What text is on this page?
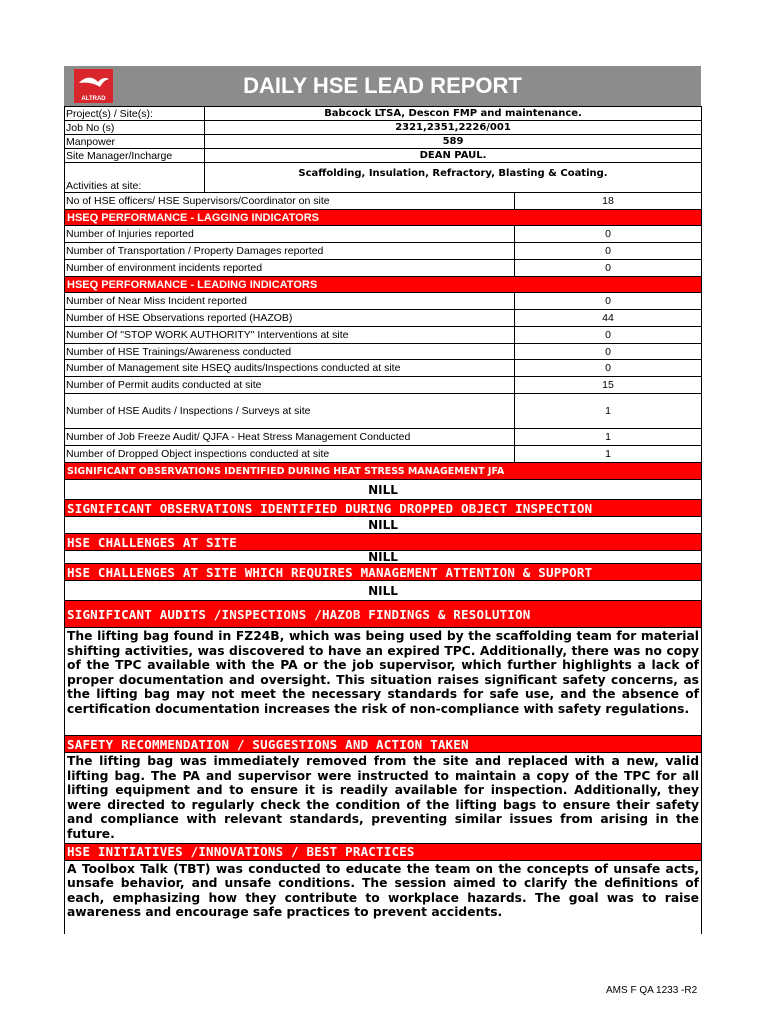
ALTRAD
DAILY HSE LEAD REPORT
Project(s) / Site(s):	Babcock LTSA, Descon FMP and maintenance.	
Job No (s)	2321,2351,2226/001	
Manpower	589	
Site Manager/Incharge	DEAN PAUL.	
Activities at site:	Scaffolding, Insulation, Refractory, Blasting & Coating.	
No of HSE officers/ HSE Supervisors/Coordinator on site		18
HSEQ PERFORMANCE - LAGGING INDICATORS		
Number of Injuries reported		0
Number of Transportation / Property Damages reported		0
Number of environment incidents reported		0
HSEQ PERFORMANCE - LEADING INDICATORS		
Number of Near Miss Incident reported		0
Number of HSE Observations reported (HAZOB)		44
Number Of "STOP WORK AUTHORITY" Interventions at site		0
Number of HSE Trainings/Awareness conducted		0
Number of Management site HSEQ audits/Inspections conducted at site		0
Number of Permit audits conducted at site		15
Number of HSE Audits / Inspections / Surveys at site		1
Number of Job Freeze Audit/ QJFA - Heat Stress Management Conducted		1
Number of Dropped Object inspections conducted at site		1
SIGNIFICANT OBSERVATIONS IDENTIFIED DURING HEAT STRESS MANAGEMENT JFA		
NILL		
SIGNIFICANT OBSERVATIONS IDENTIFIED DURING DROPPED OBJECT INSPECTION		
NILL		
HSE CHALLENGES AT SITE		
NILL		
HSE CHALLENGES AT SITE WHICH REQUIRES MANAGEMENT ATTENTION & SUPPORT		
NILL		
SIGNIFICANT AUDITS /INSPECTIONS /HAZOB FINDINGS & RESOLUTION		
The lifting bag found in FZ24B, which was being used by the scaffolding team for material shifting activities, was discovered to have an expired TPC. Additionally, there was no copy of the TPC available with the PA or the job supervisor, which further highlights a lack of proper documentation and oversight. This situation raises significant safety concerns, as the lifting bag may not meet the necessary standards for safe use, and the absence of certification documentation increases the risk of non-compliance with safety regulations.		
SAFETY RECOMMENDATION / SUGGESTIONS AND ACTION TAKEN		
The lifting bag was immediately removed from the site and replaced with a new, valid lifting bag. The PA and supervisor were instructed to maintain a copy of the TPC for all lifting equipment and to ensure it is readily available for inspection. Additionally, they were directed to regularly check the condition of the lifting bags to ensure their safety and compliance with relevant standards, preventing similar issues from arising in the future.		
HSE INITIATIVES /INNOVATIONS / BEST PRACTICES		
A Toolbox Talk (TBT) was conducted to educate the team on the concepts of unsafe acts, unsafe behavior, and unsafe conditions. The session aimed to clarify the definitions of each, emphasizing how they contribute to workplace hazards. The goal was to raise awareness and encourage safe practices to prevent accidents.		
AMS F QA 1233 -R2
